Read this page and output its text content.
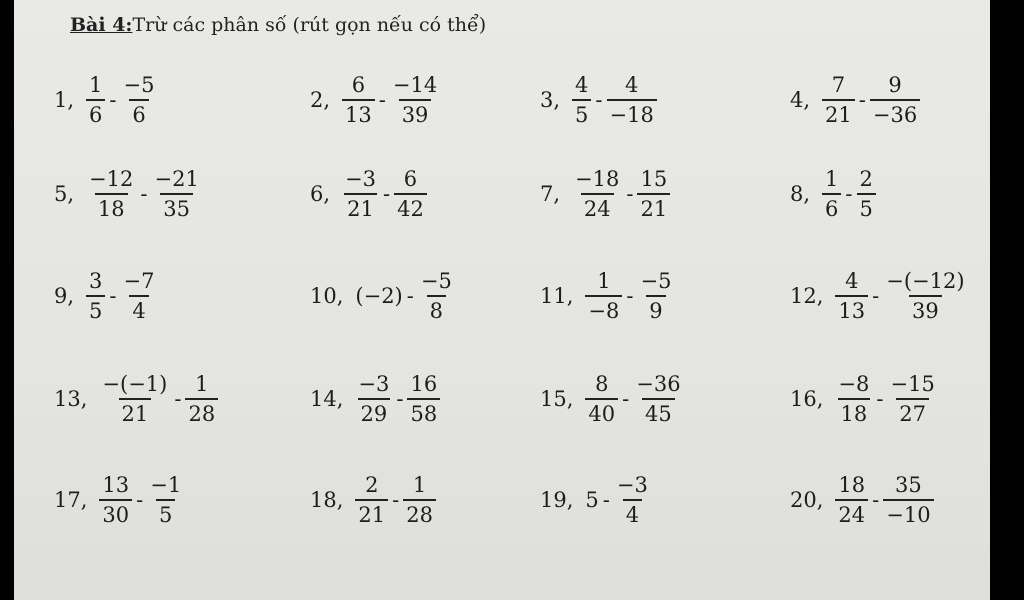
Bài 4:Trừ các phân số (rút gọn nếu có thể)
1, $\frac{1}{6} - \frac{-5}{6}$	2, $\frac{6}{13} - \frac{-14}{39}$	3, $\frac{4}{5} - \frac{4}{-18}$	4, $\frac{7}{21} - \frac{9}{-36}$
5, $\frac{-12}{18} - \frac{-21}{35}$	6, $\frac{-3}{21} - \frac{6}{42}$	7, $\frac{-18}{24} - \frac{15}{21}$	8, $\frac{1}{6} - \frac{2}{5}$
9, $\frac{3}{5} - \frac{-7}{4}$	10, $(-2) - \frac{-5}{8}$	11, $\frac{1}{-8} - \frac{-5}{9}$	12, $\frac{4}{13} - \frac{-(-12)}{39}$
13, $\frac{-(-1)}{21} - \frac{1}{28}$	14, $\frac{-3}{29} - \frac{16}{58}$	15, $\frac{8}{40} - \frac{-36}{45}$	16, $\frac{-8}{18} - \frac{-15}{27}$
17, $\frac{13}{30} - \frac{-1}{5}$	18, $\frac{2}{21} - \frac{1}{28}$	19, $5 - \frac{-3}{4}$	20, $\frac{18}{24} - \frac{35}{-10}$
